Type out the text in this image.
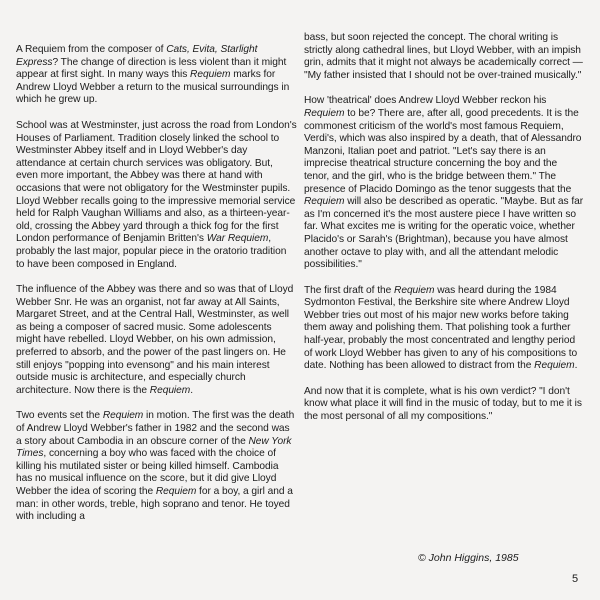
A Requiem from the composer of Cats, Evita, Starlight Express? The change of direction is less violent than it might appear at first sight. In many ways this Requiem marks for Andrew Lloyd Webber a return to the musical surroundings in which he grew up.

School was at Westminster, just across the road from London's Houses of Parliament. Tradition closely linked the school to Westminster Abbey itself and in Lloyd Webber's day attendance at certain church services was obligatory. But, even more important, the Abbey was there at hand with occasions that were not obligatory for the Westminster pupils. Lloyd Webber recalls going to the impressive memorial service held for Ralph Vaughan Williams and also, as a thirteen-year-old, crossing the Abbey yard through a thick fog for the first London performance of Benjamin Britten's War Requiem, probably the last major, popular piece in the oratorio tradition to have been composed in England.

The influence of the Abbey was there and so was that of Lloyd Webber Snr. He was an organist, not far away at All Saints, Margaret Street, and at the Central Hall, Westminster, as well as being a composer of sacred music. Some adolescents might have rebelled. Lloyd Webber, on his own admission, preferred to absorb, and the power of the past lingers on. He still enjoys "popping into evensong" and his main interest outside music is architecture, and especially church architecture. Now there is the Requiem.

Two events set the Requiem in motion. The first was the death of Andrew Lloyd Webber's father in 1982 and the second was a story about Cambodia in an obscure corner of the New York Times, concerning a boy who was faced with the choice of killing his mutilated sister or being killed himself. Cambodia has no musical influence on the score, but it did give Lloyd Webber the idea of scoring the Requiem for a boy, a girl and a man: in other words, treble, high soprano and tenor. He toyed with including a

bass, but soon rejected the concept. The choral writing is strictly along cathedral lines, but Lloyd Webber, with an impish grin, admits that it might not always be academically correct — "My father insisted that I should not be over-trained musically."

How 'theatrical' does Andrew Lloyd Webber reckon his Requiem to be? There are, after all, good precedents. It is the commonest criticism of the world's most famous Requiem, Verdi's, which was also inspired by a death, that of Alessandro Manzoni, Italian poet and patriot. "Let's say there is an imprecise theatrical structure concerning the boy and the tenor, and the girl, who is the bridge between them." The presence of Placido Domingo as the tenor suggests that the Requiem will also be described as operatic. "Maybe. But as far as I'm concerned it's the most austere piece I have written so far. What excites me is writing for the operatic voice, whether Placido's or Sarah's (Brightman), because you have almost another octave to play with, and all the attendant melodic possibilities."

The first draft of the Requiem was heard during the 1984 Sydmonton Festival, the Berkshire site where Andrew Lloyd Webber tries out most of his major new works before taking them away and polishing them. That polishing took a further half-year, probably the most concentrated and lengthy period of work Lloyd Webber has given to any of his compositions to date. Nothing has been allowed to distract from the Requiem.

And now that it is complete, what is his own verdict? "I don't know what place it will find in the music of today, but to me it is the most personal of all my compositions."

© John Higgins, 1985
5
